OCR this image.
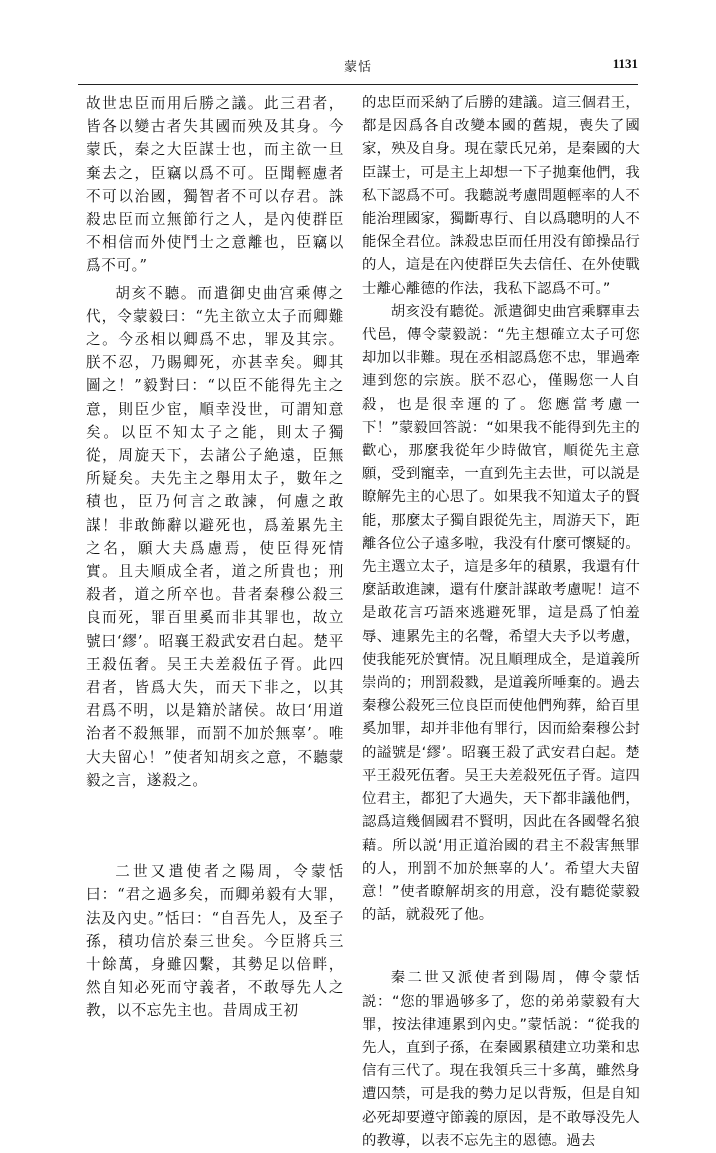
蒙恬	1131

故世忠臣而用后勝之議。此三君者，皆各以變古者失其國而殃及其身。今蒙氏，秦之大臣謀士也，而主欲一旦棄去之，臣竊以爲不可。臣聞輕慮者不可以治國，獨智者不可以存君。誅殺忠臣而立無節行之人，是內使群臣不相信而外使鬥士之意離也，臣竊以爲不可。”

胡亥不聽。而遣御史曲宫乘傳之代，令蒙毅曰：“先主欲立太子而卿難之。今丞相以卿爲不忠，罪及其宗。朕不忍，乃賜卿死，亦甚幸矣。卿其圖之！”毅對曰：“以臣不能得先主之意，則臣少宦，順幸没世，可謂知意矣。以臣不知太子之能，則太子獨從，周旋天下，去諸公子絶遠，臣無所疑矣。夫先主之舉用太子，數年之積也，臣乃何言之敢諫，何慮之敢謀！非敢飾辭以避死也，爲羞累先主之名，願大夫爲慮焉，使臣得死情實。且夫順成全者，道之所貴也；刑殺者，道之所卒也。昔者秦穆公殺三良而死，罪百里奚而非其罪也，故立號曰‘繆’。昭襄王殺武安君白起。楚平王殺伍奢。吴王夫差殺伍子胥。此四君者，皆爲大失，而天下非之，以其君爲不明，以是籍於諸侯。故曰‘用道治者不殺無罪，而罰不加於無辜’。唯大夫留心！”使者知胡亥之意，不聽蒙毅之言，遂殺之。

二世又遣使者之陽周，令蒙恬曰：“君之過多矣，而卿弟毅有大罪，法及內史。”恬曰：“自吾先人，及至子孫，積功信於秦三世矣。今臣將兵三十餘萬，身雖囚繫，其勢足以倍畔，然自知必死而守義者，不敢辱先人之教，以不忘先主也。昔周成王初

的忠臣而采納了后勝的建議。這三個君王，都是因爲各自改變本國的舊規，喪失了國家，殃及自身。現在蒙氏兄弟，是秦國的大臣謀士，可是主上却想一下子拋棄他們，我私下認爲不可。我聽説考慮問題輕率的人不能治理國家，獨斷專行、自以爲聰明的人不能保全君位。誅殺忠臣而任用没有節操品行的人，這是在內使群臣失去信任、在外使戰士離心離德的作法，我私下認爲不可。”

胡亥没有聽從。派遣御史曲宫乘驛車去代邑，傳令蒙毅説：“先主想確立太子可您却加以非難。現在丞相認爲您不忠，罪過牽連到您的宗族。朕不忍心，僅賜您一人自殺，也是很幸運的了。您應當考慮一下！”蒙毅回答説：“如果我不能得到先主的歡心，那麼我從年少時做官，順從先主意願，受到寵幸，一直到先主去世，可以説是瞭解先主的心思了。如果我不知道太子的賢能，那麼太子獨自跟從先主，周游天下，距離各位公子遠多啦，我没有什麼可懷疑的。先主選立太子，這是多年的積累，我還有什麼話敢進諫，還有什麼計謀敢考慮呢！這不是敢花言巧語來逃避死罪，這是爲了怕羞辱、連累先主的名聲，希望大夫予以考慮，使我能死於實情。况且順理成全，是道義所崇尚的；刑罰殺戮，是道義所唾棄的。過去秦穆公殺死三位良臣而使他們殉葬，給百里奚加罪，却并非他有罪行，因而給秦穆公封的謚號是‘繆’。昭襄王殺了武安君白起。楚平王殺死伍奢。吴王夫差殺死伍子胥。這四位君主，都犯了大過失，天下都非議他們，認爲這幾個國君不賢明，因此在各國聲名狼藉。所以説‘用正道治國的君主不殺害無罪的人，刑罰不加於無辜的人’。希望大夫留意！”使者瞭解胡亥的用意，没有聽從蒙毅的話，就殺死了他。

秦二世又派使者到陽周，傳令蒙恬説：“您的罪過够多了，您的弟弟蒙毅有大罪，按法律連累到內史。”蒙恬説：“從我的先人，直到子孫，在秦國累積建立功業和忠信有三代了。現在我領兵三十多萬，雖然身遭囚禁，可是我的勢力足以背叛，但是自知必死却要遵守節義的原因，是不敢辱没先人的教導，以表不忘先主的恩德。過去
